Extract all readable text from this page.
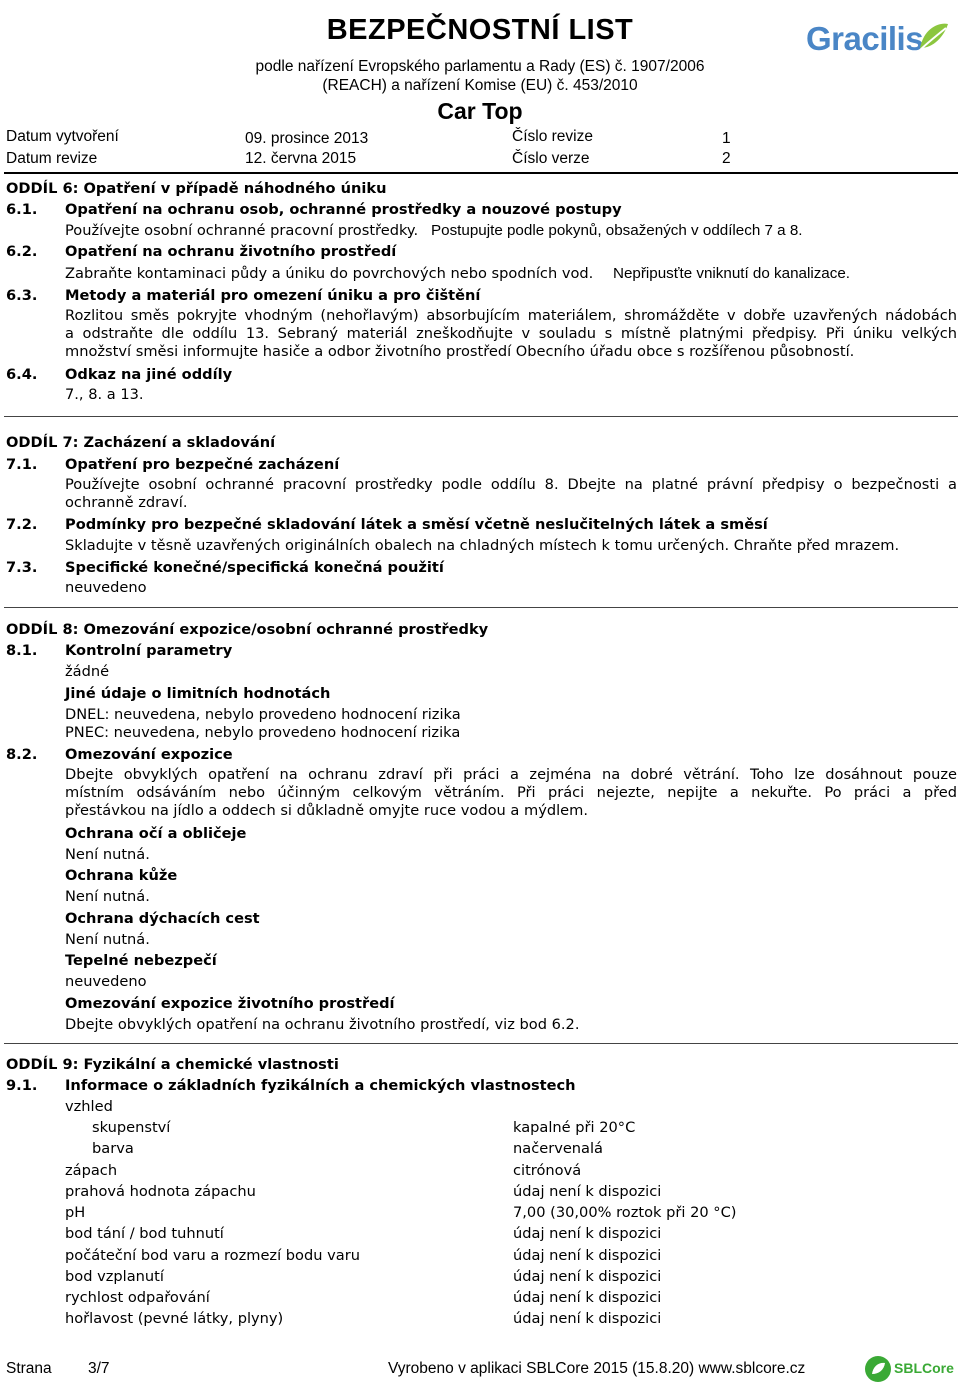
BEZPEČNOSTNÍ LIST
podle nařízení Evropského parlamentu a Rady (ES) č. 1907/2006
(REACH) a nařízení Komise (EU) č. 453/2010
Car Top
Gracilis
Datum vytvoření	09. prosince 2013	Číslo revize	1
Datum revize	12. června 2015	Číslo verze	2
ODDÍL 6: Opatření v případě náhodného úniku
6.1. Opatření na ochranu osob, ochranné prostředky a nouzové postupy
Používejte osobní ochranné pracovní prostředky. Postupujte podle pokynů, obsažených v oddílech 7 a 8.
6.2. Opatření na ochranu životního prostředí
Zabraňte kontaminaci půdy a úniku do povrchových nebo spodních vod. Nepřipusťte vniknutí do kanalizace.
6.3. Metody a materiál pro omezení úniku a pro čištění
Rozlitou směs pokryjte vhodným (nehořlavým) absorbujícím materiálem, shromážděte v dobře uzavřených nádobách
a odstraňte dle oddílu 13. Sebraný materiál zneškodňujte v souladu s místně platnými předpisy. Při úniku velkých
množství směsi informujte hasiče a odbor životního prostředí Obecního úřadu obce s rozšířenou působností.
6.4. Odkaz na jiné oddíly
7., 8. a 13.
ODDÍL 7: Zacházení a skladování
7.1. Opatření pro bezpečné zacházení
Používejte osobní ochranné pracovní prostředky podle oddílu 8. Dbejte na platné právní předpisy o bezpečnosti a
ochranně zdraví.
7.2. Podmínky pro bezpečné skladování látek a směsí včetně neslučitelných látek a směsí
Skladujte v těsně uzavřených originálních obalech na chladných místech k tomu určených. Chraňte před mrazem.
7.3. Specifické konečné/specifická konečná použití
neuvedeno
ODDÍL 8: Omezování expozice/osobní ochranné prostředky
8.1. Kontrolní parametry
žádné
Jiné údaje o limitních hodnotách
DNEL: neuvedena, nebylo provedeno hodnocení rizika
PNEC: neuvedena, nebylo provedeno hodnocení rizika
8.2. Omezování expozice
Dbejte obvyklých opatření na ochranu zdraví při práci a zejména na dobré větrání. Toho lze dosáhnout pouze
místním odsáváním nebo účinným celkovým větráním. Při práci nejezte, nepijte a nekuřte. Po práci a před
přestávkou na jídlo a oddech si důkladně omyjte ruce vodou a mýdlem.
Ochrana očí a obličeje
Není nutná.
Ochrana kůže
Není nutná.
Ochrana dýchacích cest
Není nutná.
Tepelné nebezpečí
neuvedeno
Omezování expozice životního prostředí
Dbejte obvyklých opatření na ochranu životního prostředí, viz bod 6.2.
ODDÍL 9: Fyzikální a chemické vlastnosti
9.1. Informace o základních fyzikálních a chemických vlastnostech
vzhled
skupenství	kapalné při 20°C
barva	načervenalá
zápach	citrónová
prahová hodnota zápachu	údaj není k dispozici
pH	7,00 (30,00% roztok při 20 °C)
bod tání / bod tuhnutí	údaj není k dispozici
počáteční bod varu a rozmezí bodu varu	údaj není k dispozici
bod vzplanutí	údaj není k dispozici
rychlost odpařování	údaj není k dispozici
hořlavost (pevné látky, plyny)	údaj není k dispozici
Strana 3/7	Vyrobeno v aplikaci SBLCore 2015 (15.8.20) www.sblcore.cz	SBLCore
